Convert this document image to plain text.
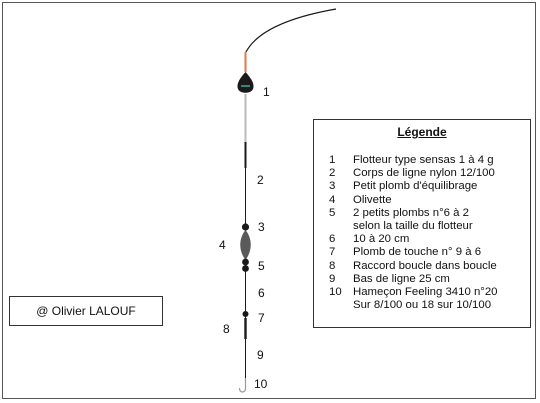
1
2
3
4
5
6
7
8
9
10
@ Olivier LALOUF
Légende
1	Flotteur type sensas 1 à 4 g
2	Corps de ligne nylon 12/100
3	Petit plomb d'équilibrage
4	Olivette
5	2 petits plombs n°6 à 2
selon la taille du flotteur
6	10 à 20 cm
7	Plomb de touche n° 9 à 6
8	Raccord boucle dans boucle
9	Bas de ligne 25 cm
10 Hameçon Feeling 3410 n°20
Sur 8/100 ou 18 sur 10/100
